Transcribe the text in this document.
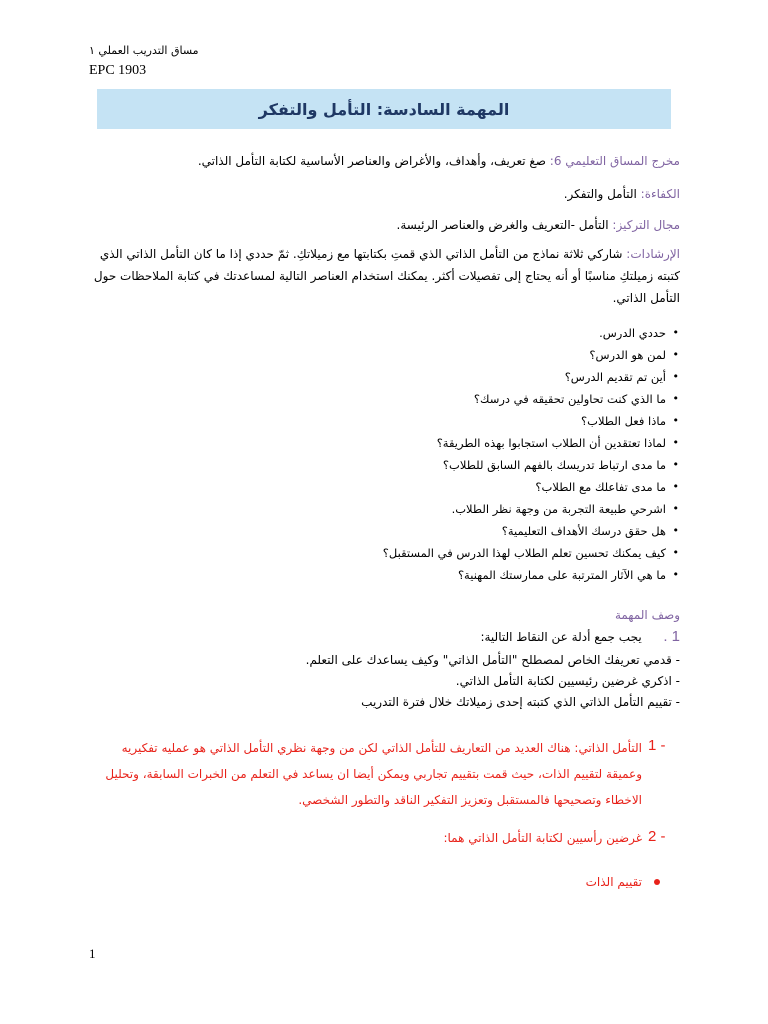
مساق التدريب العملي ١
EPC 1903
المهمة السادسة: التأمل والتفكر
مخرج المساق التعليمي 6: صغ تعريف، وأهداف، والأغراض والعناصر الأساسية لكتابة التأمل الذاتي.
الكفاءة: التأمل والتفكر.
مجال التركيز: التأمل -التعريف والغرض والعناصر الرئيسة.
الإرشادات: شاركي ثلاثة نماذج من التأمل الذاتي الذي قمتِ بكتابتها مع زميلاتكِ. ثمّ حددي إذا ما كان التأمل الذاتي الذي كتبته زميلتكِ مناسبًا أو أنه يحتاج إلى تفصيلات أكثر. يمكنك استخدام العناصر التالية لمساعدتك في كتابة الملاحظات حول التأمل الذاتي.
• حددي الدرس.
• لمن هو الدرس؟
• أين تم تقديم الدرس؟
• ما الذي كنت تحاولين تحقيقه في درسك؟
• ماذا فعل الطلاب؟
• لماذا تعتقدين أن الطلاب استجابوا بهذه الطريقة؟
• ما مدى ارتباط تدريسك بالفهم السابق للطلاب؟
• ما مدى تفاعلك مع الطلاب؟
• اشرحي طبيعة التجربة من وجهة نظر الطلاب.
• هل حقق درسك الأهداف التعليمية؟
• كيف يمكنك تحسين تعلم الطلاب لهذا الدرس في المستقبل؟
• ما هي الآثار المترتبة على ممارستك المهنية؟
وصف المهمة
1 .  يجب جمع أدلة عن النقاط التالية:
- قدمي تعريفك الخاص لمصطلح "التأمل الذاتي" وكيف يساعدك على التعلم.
- اذكري غرضين رئيسيين لكتابة التأمل الذاتي.
- تقييم التأمل الذاتي الذي كتبته إحدى زميلاتك خلال فترة التدريب
1 -
التأمل الذاتي: هناك العديد من التعاريف للتأمل الذاتي لكن من وجهة نظري التأمل الذاتي هو عمليه تفكيريه وعميقة لتقييم الذات، حيث قمت بتقييم تجاربي ويمكن أيضا ان يساعد في التعلم من الخبرات السابقة، وتحليل الاخطاء وتصحيحها فالمستقبل وتعزيز التفكير الناقد والتطور الشخصي.
2 -
غرضين رأسيين لكتابة التأمل الذاتي هما:
تقييم الذات
1
